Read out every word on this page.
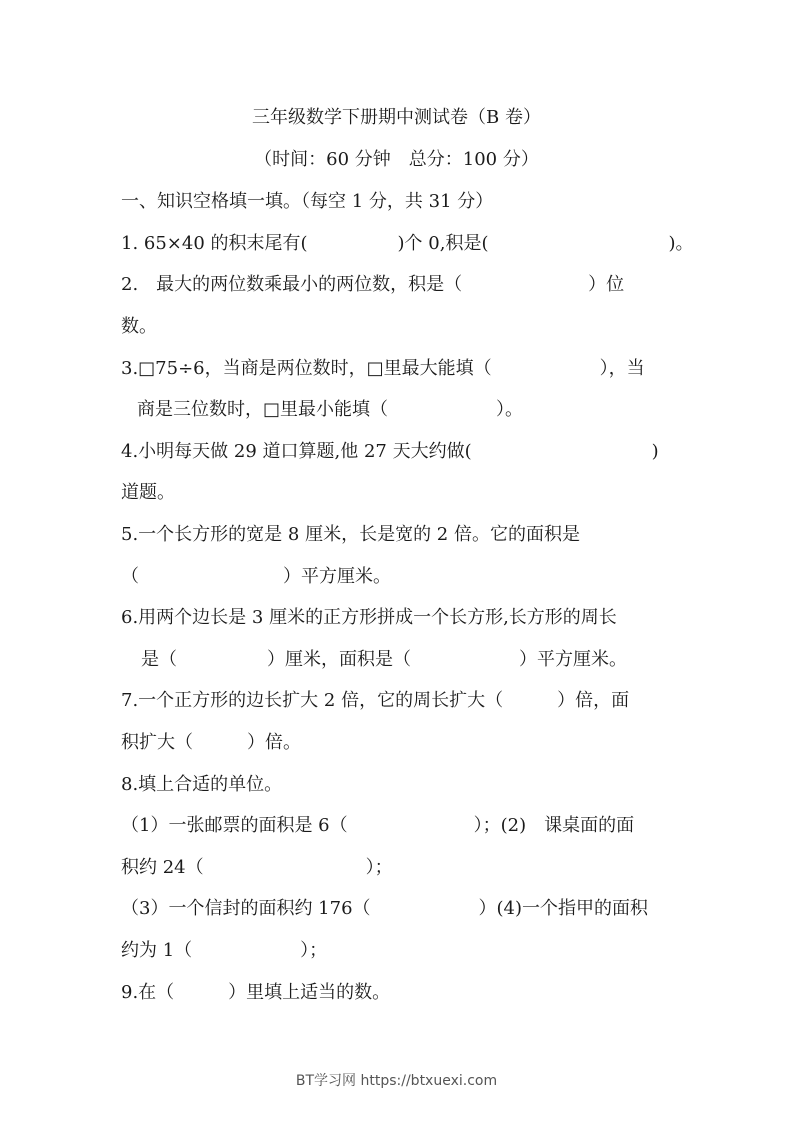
三年级数学下册期中测试卷（B 卷）
（时间：60 分钟　总分：100 分）
一、知识空格填一填。（每空 1 分，共 31 分）
1. 65×40 的积末尾有(　　　　　)个 0,积是(　　　　　　　　　　)。
2.　最大的两位数乘最小的两位数，积是（　　　　　　　）位
数。
3.□75÷6，当商是两位数时，□里最大能填（　　　　　　），当
商是三位数时，□里最小能填（　　　　　　）。
4.小明每天做 29 道口算题,他 27 天大约做(　　　　　　　　　　)
道题。
5.一个长方形的宽是 8 厘米，长是宽的 2 倍。它的面积是
（　　　　　　　　）平方厘米。
6.用两个边长是 3 厘米的正方形拼成一个长方形,长方形的周长
是（　　　　　）厘米，面积是（　　　　　　）平方厘米。
7.一个正方形的边长扩大 2 倍，它的周长扩大（　　　）倍，面
积扩大（　　　）倍。
8.填上合适的单位。
（1）一张邮票的面积是 6（　　　　　　　）；(2)　课桌面的面
积约 24（　　　　　　　　　）；
（3）一个信封的面积约 176（　　　　　　）(4)一个指甲的面积
约为 1（　　　　　　）；
9.在（　　　）里填上适当的数。
BT学习网 https://btxuexi.com
